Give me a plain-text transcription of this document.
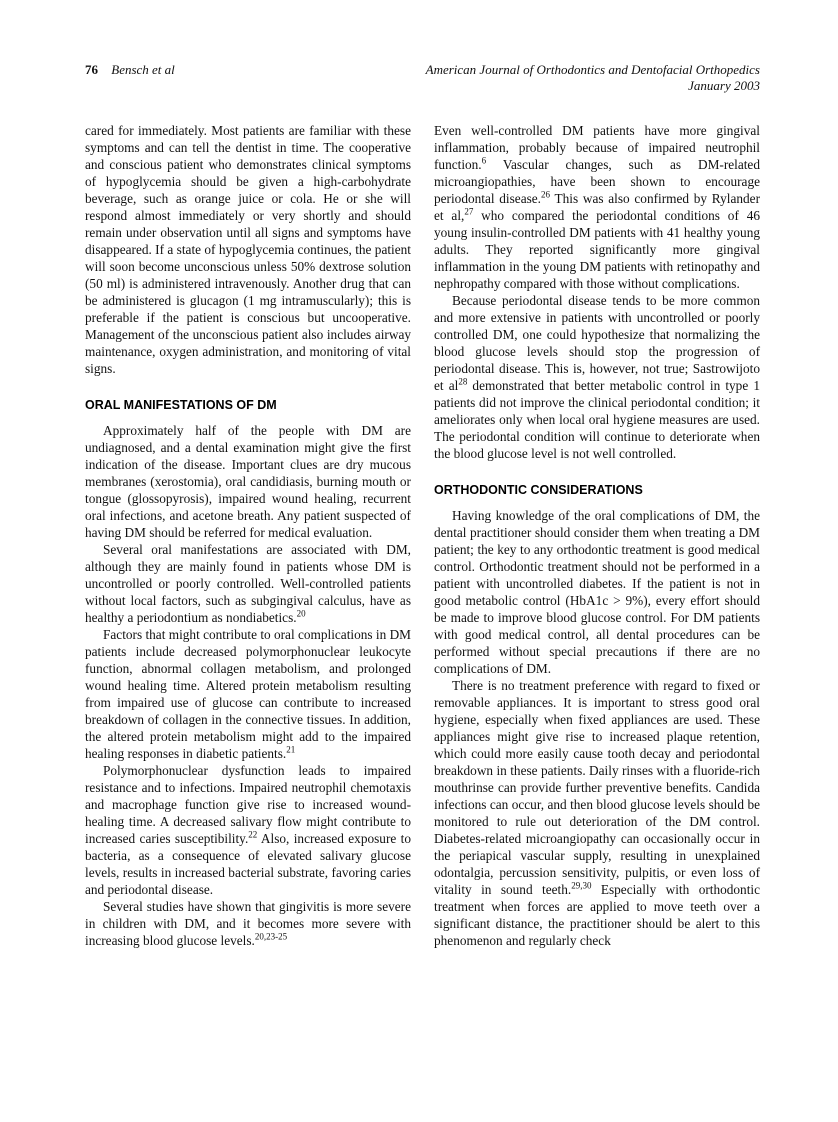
76 Bensch et al	American Journal of Orthodontics and Dentofacial Orthopedics
January 2003

cared for immediately. Most patients are familiar with these symptoms and can tell the dentist in time. The cooperative and conscious patient who demonstrates clinical symptoms of hypoglycemia should be given a high-carbohydrate beverage, such as orange juice or cola. He or she will respond almost immediately or very shortly and should remain under observation until all signs and symptoms have disappeared. If a state of hypoglycemia continues, the patient will soon become unconscious unless 50% dextrose solution (50 ml) is administered intravenously. Another drug that can be administered is glucagon (1 mg intramuscularly); this is preferable if the patient is conscious but uncooperative. Management of the unconscious patient also includes airway maintenance, oxygen administration, and monitoring of vital signs.

ORAL MANIFESTATIONS OF DM

Approximately half of the people with DM are undiagnosed, and a dental examination might give the first indication of the disease. Important clues are dry mucous membranes (xerostomia), oral candidiasis, burning mouth or tongue (glossopyrosis), impaired wound healing, recurrent oral infections, and acetone breath. Any patient suspected of having DM should be referred for medical evaluation.

Several oral manifestations are associated with DM, although they are mainly found in patients whose DM is uncontrolled or poorly controlled. Well-controlled patients without local factors, such as subgingival calculus, have as healthy a periodontium as nondiabetics.$^{20}$

Factors that might contribute to oral complications in DM patients include decreased polymorphonuclear leukocyte function, abnormal collagen metabolism, and prolonged wound healing time. Altered protein metabolism resulting from impaired use of glucose can contribute to increased breakdown of collagen in the connective tissues. In addition, the altered protein metabolism might add to the impaired healing responses in diabetic patients.$^{21}$

Polymorphonuclear dysfunction leads to impaired resistance and to infections. Impaired neutrophil chemotaxis and macrophage function give rise to increased wound-healing time. A decreased salivary flow might contribute to increased caries susceptibility.$^{22}$ Also, increased exposure to bacteria, as a consequence of elevated salivary glucose levels, results in increased bacterial substrate, favoring caries and periodontal disease.

Several studies have shown that gingivitis is more severe in children with DM, and it becomes more severe with increasing blood glucose levels.$^{20,23-25}$

Even well-controlled DM patients have more gingival inflammation, probably because of impaired neutrophil function.$^6$ Vascular changes, such as DM-related microangiopathies, have been shown to encourage periodontal disease.$^{26}$ This was also confirmed by Rylander et al,$^{27}$ who compared the periodontal conditions of 46 young insulin-controlled DM patients with 41 healthy young adults. They reported significantly more gingival inflammation in the young DM patients with retinopathy and nephropathy compared with those without complications.

Because periodontal disease tends to be more common and more extensive in patients with uncontrolled or poorly controlled DM, one could hypothesize that normalizing the blood glucose levels should stop the progression of periodontal disease. This is, however, not true; Sastrowijoto et $al^{28}$ demonstrated that better metabolic control in type 1 patients did not improve the clinical periodontal condition; it ameliorates only when local oral hygiene measures are used. The periodontal condition will continue to deteriorate when the blood glucose level is not well controlled.

ORTHODONTIC CONSIDERATIONS

Having knowledge of the oral complications of DM, the dental practitioner should consider them when treating a DM patient; the key to any orthodontic treatment is good medical control. Orthodontic treatment should not be performed in a patient with uncontrolled diabetes. If the patient is not in good metabolic control (HbA1c > 9%), every effort should be made to improve blood glucose control. For DM patients with good medical control, all dental procedures can be performed without special precautions if there are no complications of DM.

There is no treatment preference with regard to fixed or removable appliances. It is important to stress good oral hygiene, especially when fixed appliances are used. These appliances might give rise to increased plaque retention, which could more easily cause tooth decay and periodontal breakdown in these patients. Daily rinses with a fluoride-rich mouthrinse can provide further preventive benefits. Candida infections can occur, and then blood glucose levels should be monitored to rule out deterioration of the DM control. Diabetes-related microangiopathy can occasionally occur in the periapical vascular supply, resulting in unexplained odontalgia, percussion sensitivity, pulpitis, or even loss of vitality in sound teeth.$^{29,30}$ Especially with orthodontic treatment when forces are applied to move teeth over a significant distance, the practitioner should be alert to this phenomenon and regularly check
